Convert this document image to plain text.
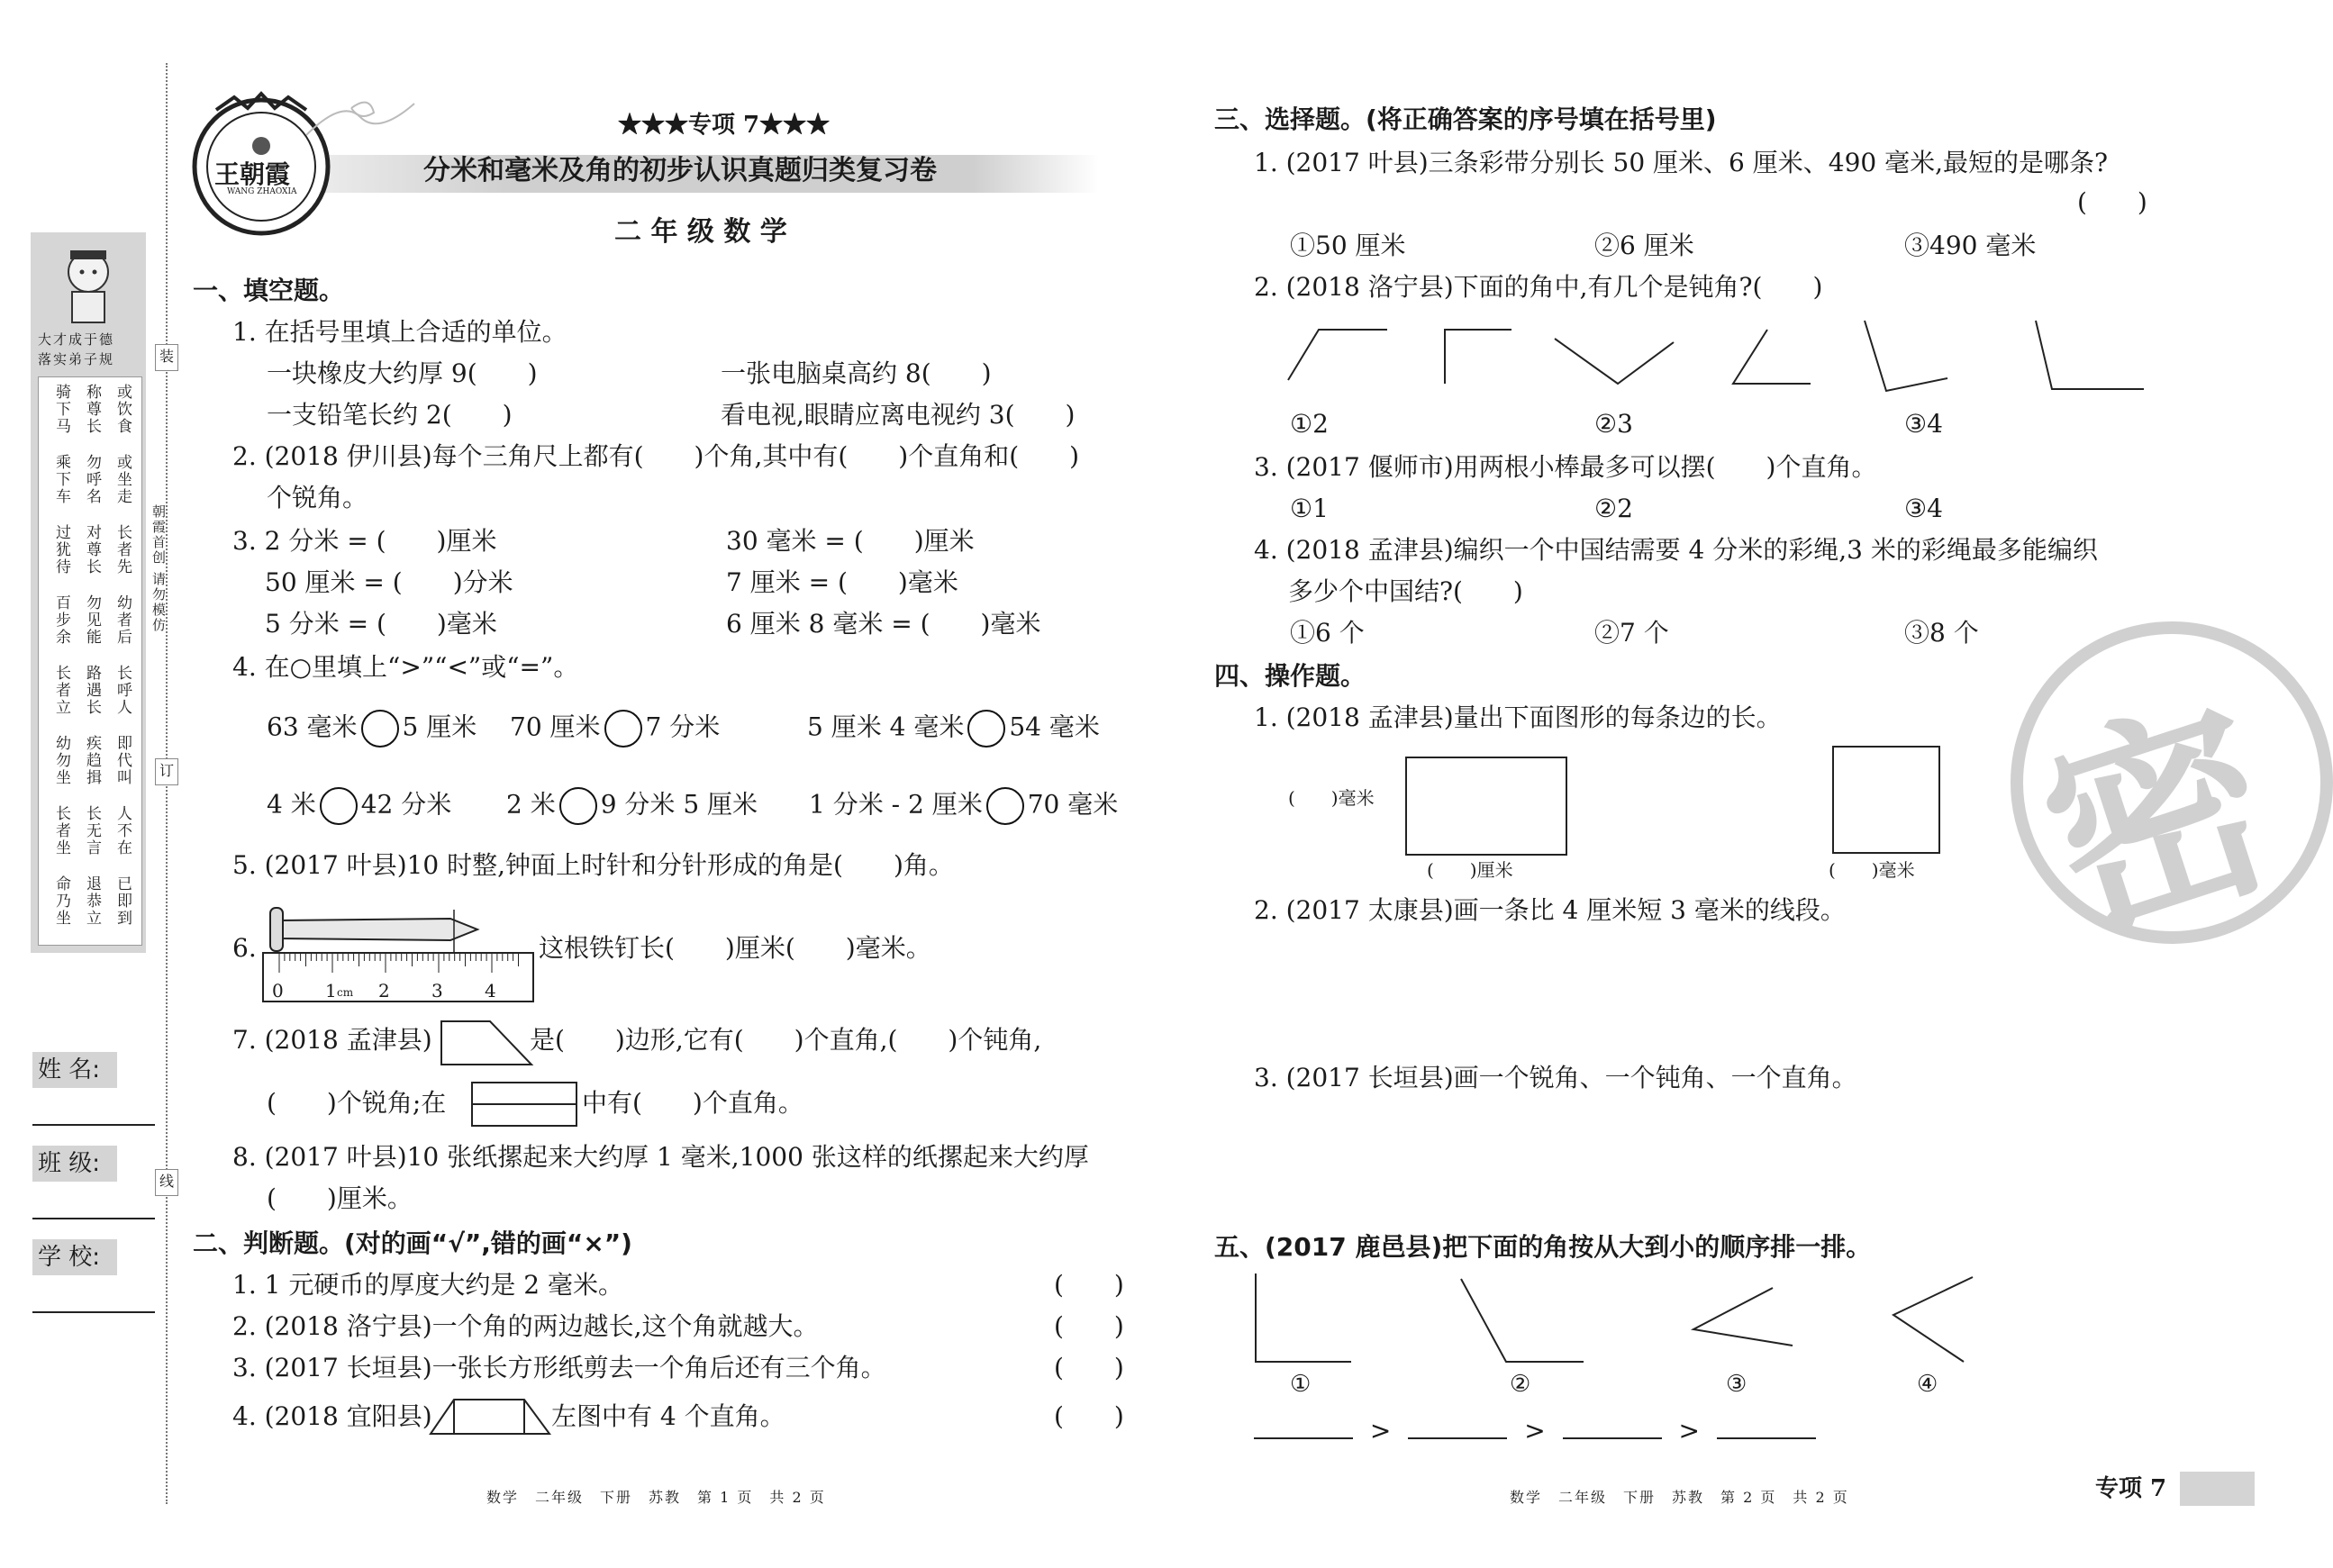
装
订
线
朝霞首创 请勿模仿
大才成于德
落实弟子规
骑下马 称尊长 或饮食
乘下车 勿呼名 或坐走
过犹待 对尊长 长者先
百步余 勿见能 幼者后
长者立 路遇长 长呼人
幼勿坐 疾趋揖 即代叫
长者坐 长无言 人不在
命乃坐 退恭立 已即到
姓 名:
班 级:
学 校:
王朝霞
WANG ZHAOXIA
★★★专项 7★★★
分米和毫米及角的初步认识真题归类复习卷
二 年 级 数 学
一、填空题。
1. 在括号里填上合适的单位。
一块橡皮大约厚 9(　　)	一张电脑桌高约 8(　　)
一支铅笔长约 2(　　)	看电视,眼睛应离电视约 3(　　)
2. (2018 伊川县)每个三角尺上都有(　　)个角,其中有(　　)个直角和(　　)
个锐角。
3. 2 分米 = (　　)厘米	30 毫米 = (　　)厘米
50 厘米 = (　　)分米	7 厘米 = (　　)毫米
5 分米 = (　　)毫米	6 厘米 8 毫米 = (　　)毫米
4. 在○里填上“>”“<”或“=”。
63 毫米 5 厘米 70 厘米 7 分米	5 厘米 4 毫米 54 毫米
4 米 42 分米 2 米 9 分米 5 厘米 1 分米 - 2 厘米 70 毫米
5. (2017 叶县)10 时整,钟面上时针和分针形成的角是(　　)角。
6.
0 1 cm 2 3 4
这根铁钉长(　　)厘米(　　)毫米。
7. (2018 孟津县)	是(　　)边形,它有(　　)个直角,(　　)个钝角,
(　　)个锐角;在	中有(　　)个直角。
8. (2017 叶县)10 张纸摞起来大约厚 1 毫米,1000 张这样的纸摞起来大约厚
(　　)厘米。
二、判断题。(对的画“√”,错的画“×”)
1. 1 元硬币的厚度大约是 2 毫米。	(　　)
2. (2018 洛宁县)一个角的两边越长,这个角就越大。	(　　)
3. (2017 长垣县)一张长方形纸剪去一个角后还有三个角。	(　　)
4. (2018 宜阳县)	左图中有 4 个直角。	(　　)
数学　二年级　下册　苏教　第 1 页　共 2 页
密
三、选择题。(将正确答案的序号填在括号里)
1. (2017 叶县)三条彩带分别长 50 厘米、6 厘米、490 毫米,最短的是哪条?
(　　)
①50 厘米	②6 厘米	③490 毫米
2. (2018 洛宁县)下面的角中,有几个是钝角?(　　)
①2	②3	③4
3. (2017 偃师市)用两根小棒最多可以摆(　　)个直角。
①1	②2	③4
4. (2018 孟津县)编织一个中国结需要 4 分米的彩绳,3 米的彩绳最多能编织
多少个中国结?(　　)
①6 个	②7 个	③8 个
四、操作题。
1. (2018 孟津县)量出下面图形的每条边的长。
(　　)毫米
(　　)厘米	(　　)毫米
2. (2017 太康县)画一条比 4 厘米短 3 毫米的线段。
3. (2017 长垣县)画一个锐角、一个钝角、一个直角。
五、(2017 鹿邑县)把下面的角按从大到小的顺序排一排。
①	②	③	④
>	>	>
数学　二年级　下册　苏教　第 2 页　共 2 页	专项 7
